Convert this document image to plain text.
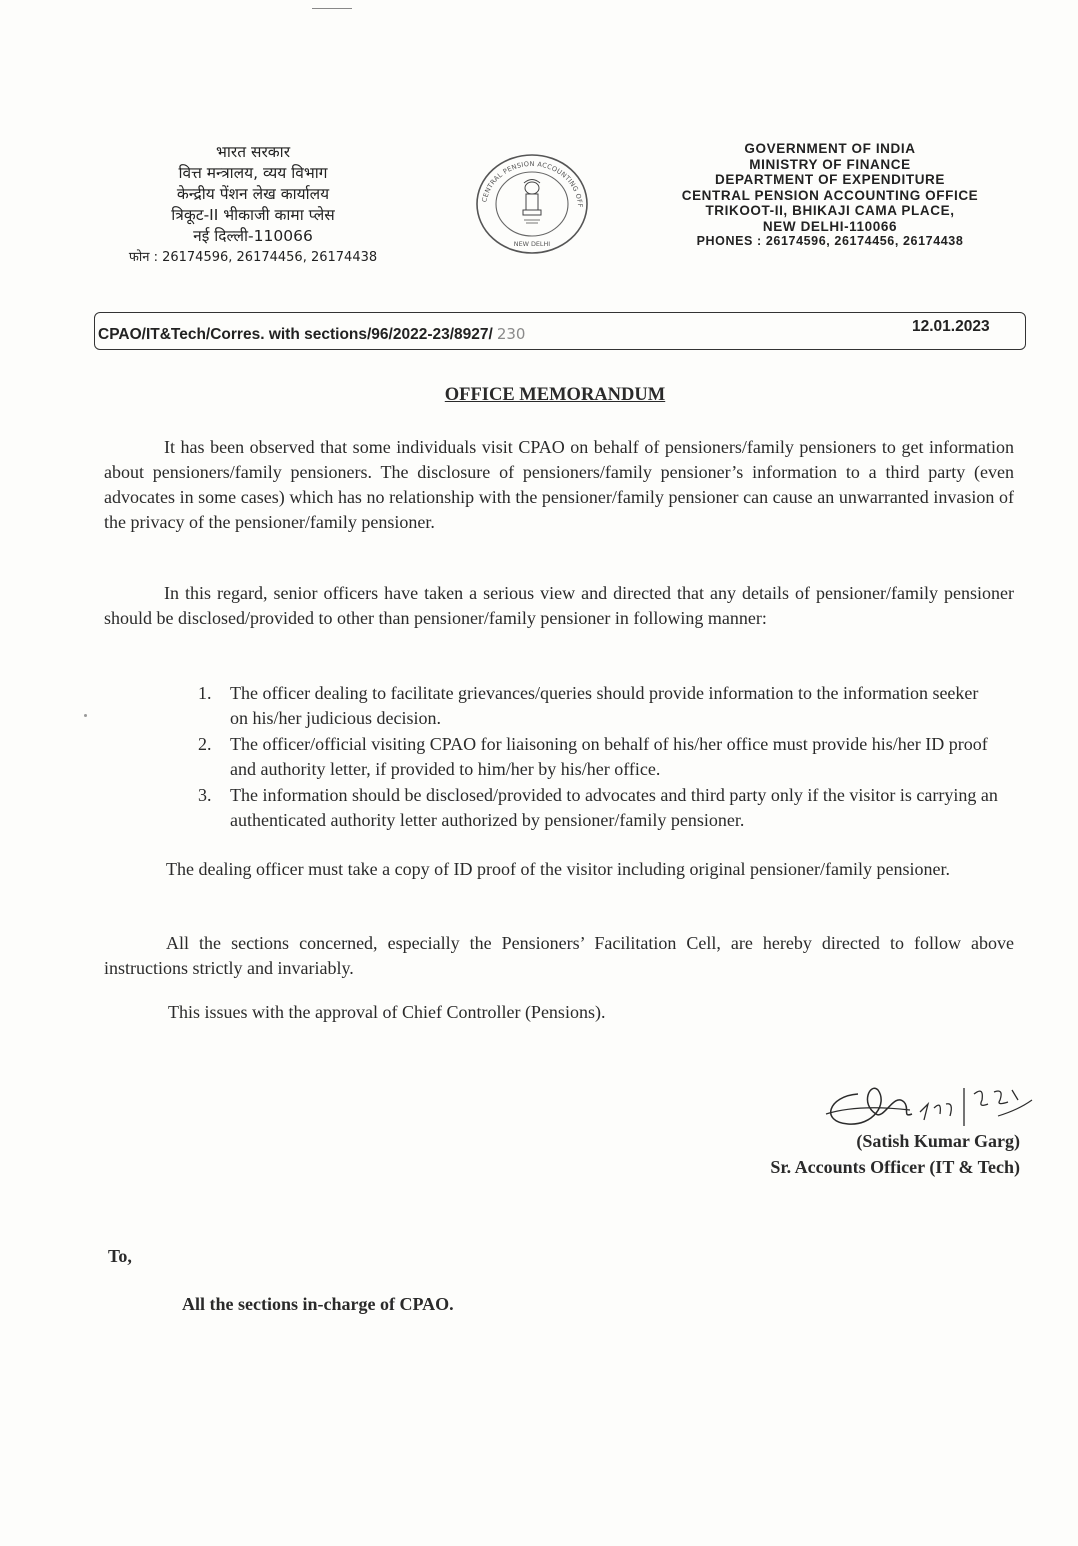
भारत सरकार
वित्त मन्त्रालय, व्यय विभाग
केन्द्रीय पेंशन लेख कार्यालय
त्रिकूट-II भीकाजी कामा प्लेस
नई दिल्ली-110066
फोन : 26174596, 26174456, 26174438
CENTRAL PENSION ACCOUNTING OFF
NEW DELHI
GOVERNMENT OF INDIA
MINISTRY OF FINANCE
DEPARTMENT OF EXPENDITURE
CENTRAL PENSION ACCOUNTING OFFICE
TRIKOOT-II, BHIKAJI CAMA PLACE,
NEW DELHI-110066
PHONES : 26174596, 26174456, 26174438
CPAO/IT&Tech/Corres. with sections/96/2022-23/8927/ 230	12.01.2023
OFFICE MEMORANDUM

It has been observed that some individuals visit CPAO on behalf of pensioners/family pensioners to get information about pensioners/family pensioners. The disclosure of pensioners/family pensioner’s information to a third party (even advocates in some cases) which has no relationship with the pensioner/family pensioner can cause an unwarranted invasion of the privacy of the pensioner/family pensioner.

In this regard, senior officers have taken a serious view and directed that any details of pensioner/family pensioner should be disclosed/provided to other than pensioner/family pensioner in following manner:

1. The officer dealing to facilitate grievances/queries should provide information to the information seeker on his/her judicious decision.
2. The officer/official visiting CPAO for liaisoning on behalf of his/her office must provide his/her ID proof and authority letter, if provided to him/her by his/her office.
3. The information should be disclosed/provided to advocates and third party only if the visitor is carrying an authenticated authority letter authorized by pensioner/family pensioner.

The dealing officer must take a copy of ID proof of the visitor including original pensioner/family pensioner.

All the sections concerned, especially the Pensioners’ Facilitation Cell, are hereby directed to follow above instructions strictly and invariably.

This issues with the approval of Chief Controller (Pensions).
(Satish Kumar Garg)
Sr. Accounts Officer (IT & Tech)
To,
All the sections in-charge of CPAO.
